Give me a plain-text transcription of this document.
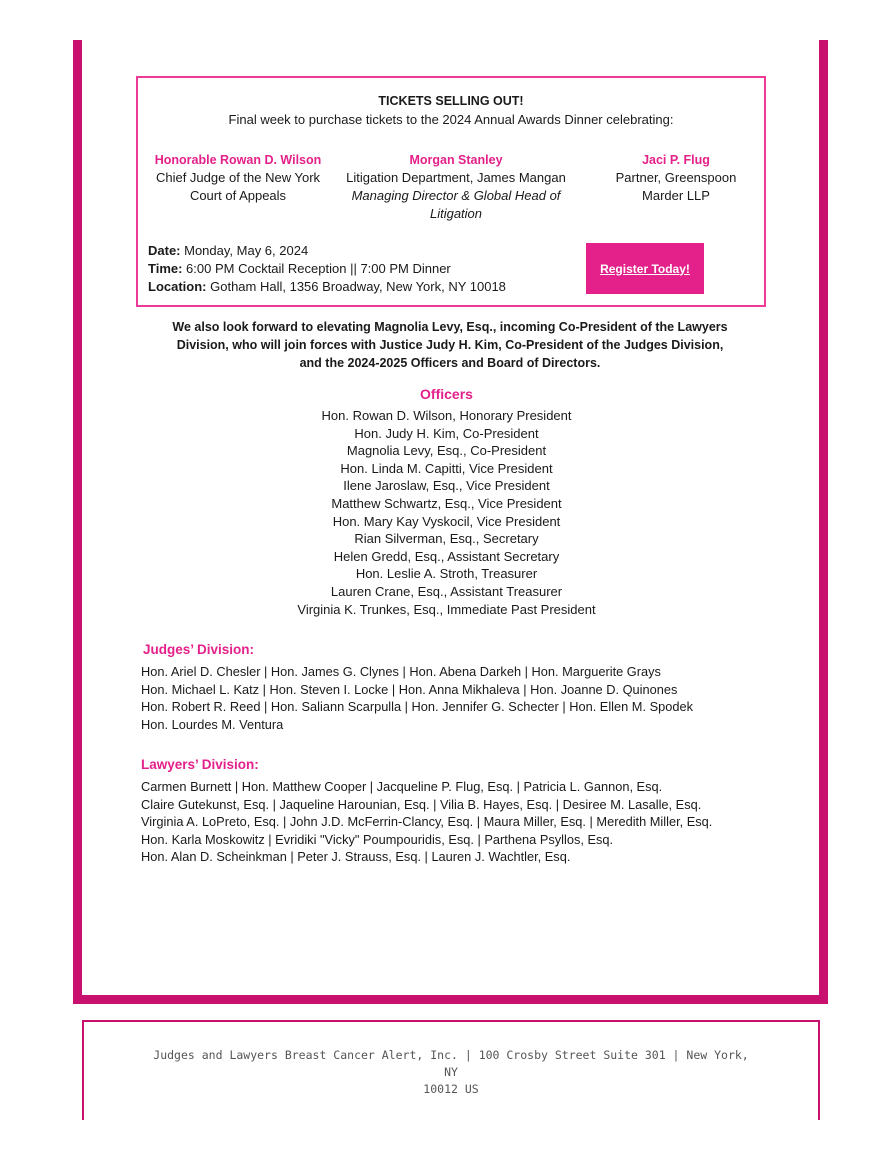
TICKETS SELLING OUT!
Final week to purchase tickets to the 2024 Annual Awards Dinner celebrating:
Honorable Rowan D. Wilson
Chief Judge of the New York
Court of Appeals
Morgan Stanley
Litigation Department, James Mangan
Managing Director & Global Head of
Litigation
Jaci P. Flug
Partner, Greenspoon
Marder LLP
Date: Monday, May 6, 2024
Time: 6:00 PM Cocktail Reception || 7:00 PM Dinner
Location: Gotham Hall, 1356 Broadway, New York, NY 10018
Register Today!
We also look forward to elevating Magnolia Levy, Esq., incoming Co-President of the Lawyers
Division, who will join forces with Justice Judy H. Kim, Co-President of the Judges Division,
and the 2024-2025 Officers and Board of Directors.
Officers
Hon. Rowan D. Wilson, Honorary President
Hon. Judy H. Kim, Co-President
Magnolia Levy, Esq., Co-President
Hon. Linda M. Capitti, Vice President
Ilene Jaroslaw, Esq., Vice President
Matthew Schwartz, Esq., Vice President
Hon. Mary Kay Vyskocil, Vice President
Rian Silverman, Esq., Secretary
Helen Gredd, Esq., Assistant Secretary
Hon. Leslie A. Stroth, Treasurer
Lauren Crane, Esq., Assistant Treasurer
Virginia K. Trunkes, Esq., Immediate Past President
Judges’ Division:
Hon. Ariel D. Chesler | Hon. James G. Clynes | Hon. Abena Darkeh | Hon. Marguerite Grays
Hon. Michael L. Katz | Hon. Steven I. Locke | Hon. Anna Mikhaleva | Hon. Joanne D. Quinones
Hon. Robert R. Reed | Hon. Saliann Scarpulla | Hon. Jennifer G. Schecter | Hon. Ellen M. Spodek
Hon. Lourdes M. Ventura
Lawyers’ Division:
Carmen Burnett | Hon. Matthew Cooper | Jacqueline P. Flug, Esq. | Patricia L. Gannon, Esq.
Claire Gutekunst, Esq. | Jaqueline Harounian, Esq. | Vilia B. Hayes, Esq. | Desiree M. Lasalle, Esq.
Virginia A. LoPreto, Esq. | John J.D. McFerrin-Clancy, Esq. | Maura Miller, Esq. | Meredith Miller, Esq.
Hon. Karla Moskowitz | Evridiki "Vicky" Poumpouridis, Esq. | Parthena Psyllos, Esq.
Hon. Alan D. Scheinkman | Peter J. Strauss, Esq. | Lauren J. Wachtler, Esq.
Judges and Lawyers Breast Cancer Alert, Inc. | 100 Crosby Street Suite 301 | New York, NY
10012 US
